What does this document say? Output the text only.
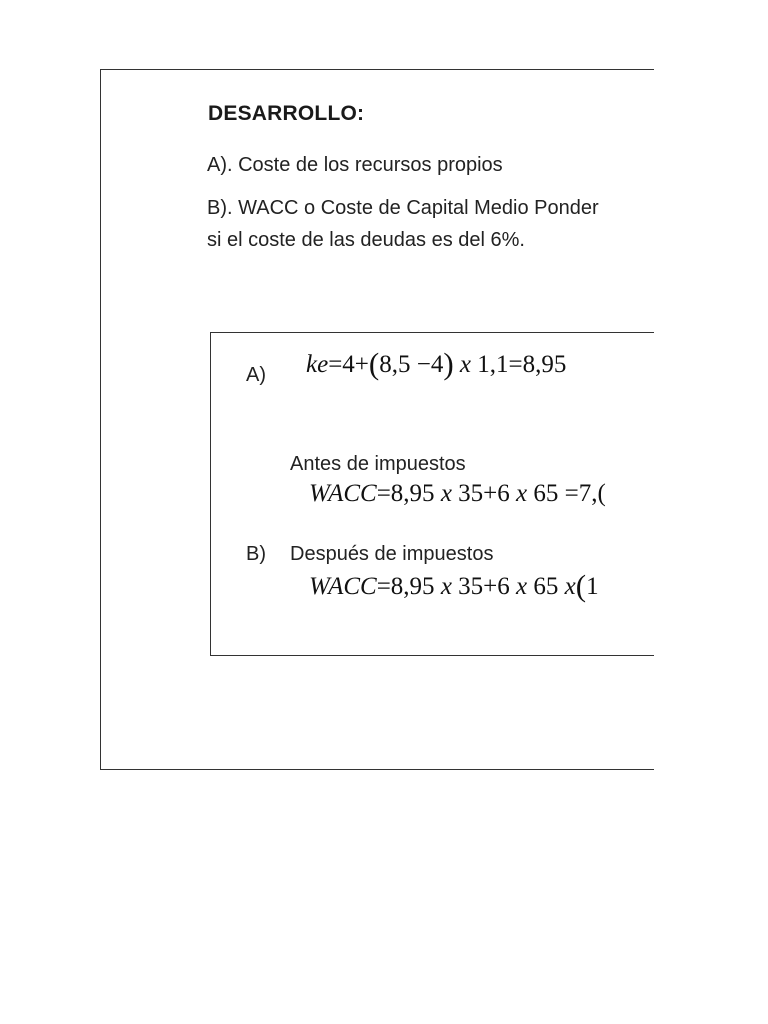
DESARROLLO:
A). Coste de los recursos propios
B). WACC o Coste de Capital Medio Ponder
si el coste de las deudas es del 6%.
A) ke=4+(8,5 −4) x 1,1=8,95
Antes de impuestos
WACC=8,95 x 35+6 x 65 =7,(
B) Después de impuestos
WACC=8,95 x 35+6 x 65 x(1
